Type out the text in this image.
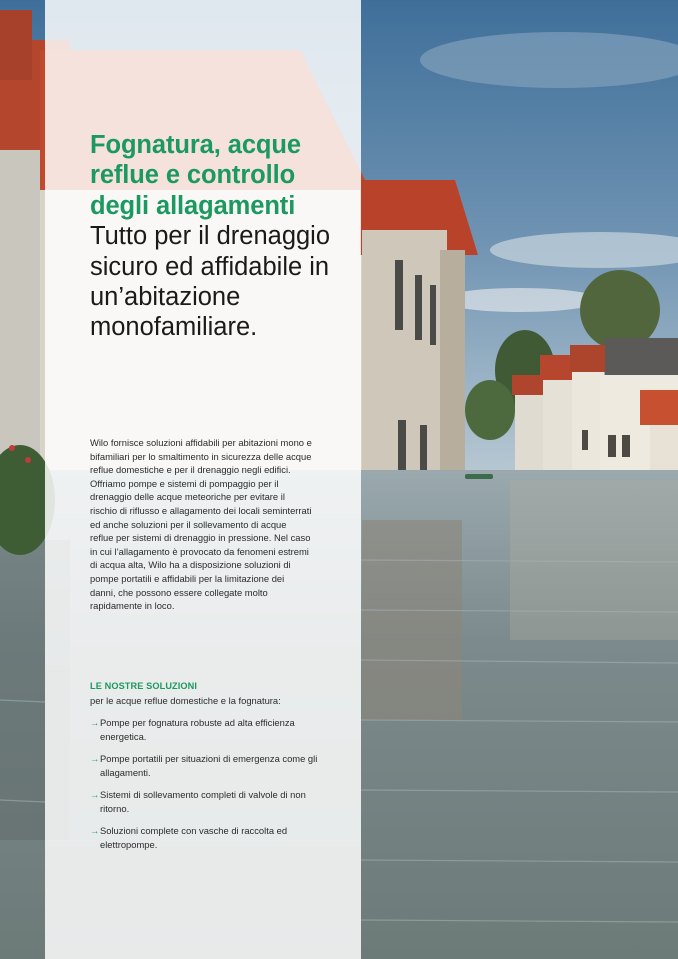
Fognatura, acque reflue e controllo degli allagamenti
Tutto per il drenaggio sicuro ed affidabile in un’abitazione monofamiliare.

Wilo fornisce soluzioni affidabili per abitazioni mono e bifamiliari per lo smaltimento in sicurezza delle acque reflue domestiche e per il drenaggio negli edifici. Offriamo pompe e sistemi di pompaggio per il drenaggio delle acque meteoriche per evitare il rischio di riflusso e allagamento dei locali seminterrati ed anche soluzioni per il sollevamento di acque reflue per sistemi di drenaggio in pressione. Nel caso in cui l’allagamento è provocato da fenomeni estremi di acqua alta, Wilo ha a disposizione soluzioni di pompe portatili e affidabili per la limitazione dei danni, che possono essere collegate molto rapidamente in loco.

LE NOSTRE SOLUZIONI

per le acque reflue domestiche e la fognatura:

→ Pompe per fognatura robuste ad alta efficienza energetica.
→ Pompe portatili per situazioni di emergenza come gli allagamenti.
→ Sistemi di sollevamento completi di valvole di non ritorno.
→ Soluzioni complete con vasche di raccolta ed elettropompe.
